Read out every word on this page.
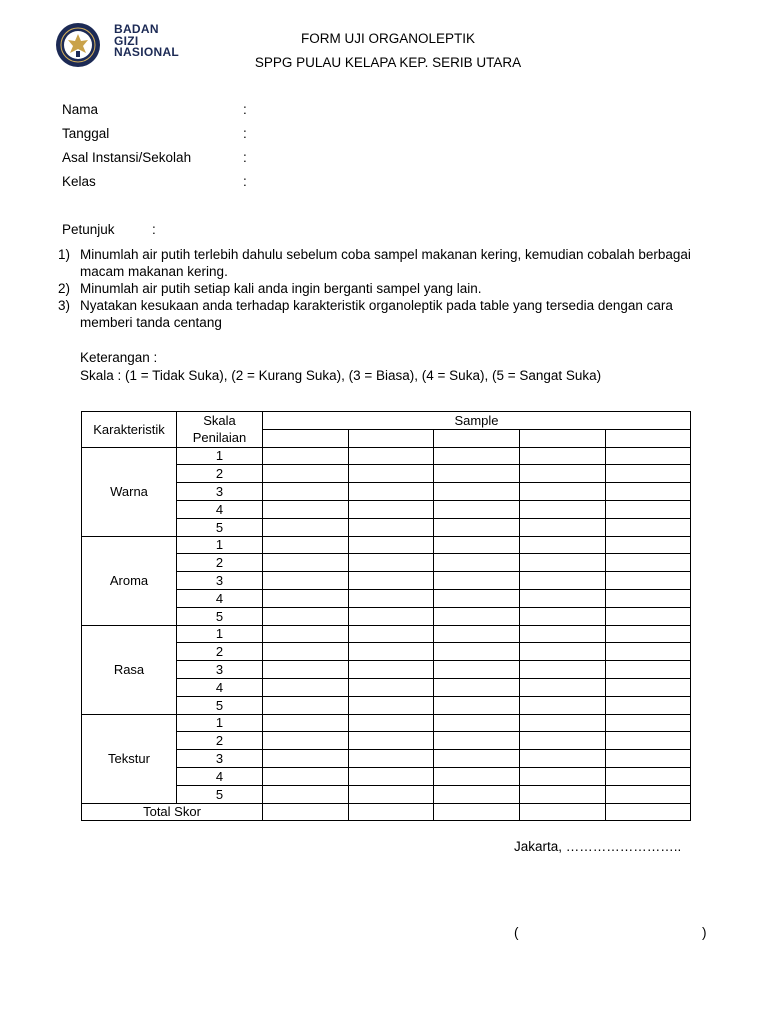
BADAN
GIZI
NASIONAL
FORM UJI ORGANOLEPTIK
SPPG PULAU KELAPA KEP. SERIB UTARA
Nama	:
Tanggal	:
Asal Instansi/Sekolah	:
Kelas	:
Petunjuk	:
1) Minumlah air putih terlebih dahulu sebelum coba sampel makanan kering, kemudian cobalah berbagai macam makanan kering.
2) Minumlah air putih setiap kali anda ingin berganti sampel yang lain.
3) Nyatakan kesukaan anda terhadap karakteristik organoleptik pada table yang tersedia dengan cara memberi tanda centang
Keterangan :
Skala : (1 = Tidak Suka), (2 = Kurang Suka), (3 = Biasa), (4 = Suka), (5 = Sangat Suka)
Karakteristik	Skala Penilaian	Sample				

Warna	1					
	2					
	3					
	4					
	5					
Aroma	1					
	2					
	3					
	4					
	5					
Rasa	1					
	2					
	3					
	4					
	5					
Tekstur	1					
	2					
	3					
	4					
	5					
Total Skor						
Jakarta, ……………………..
(	)
